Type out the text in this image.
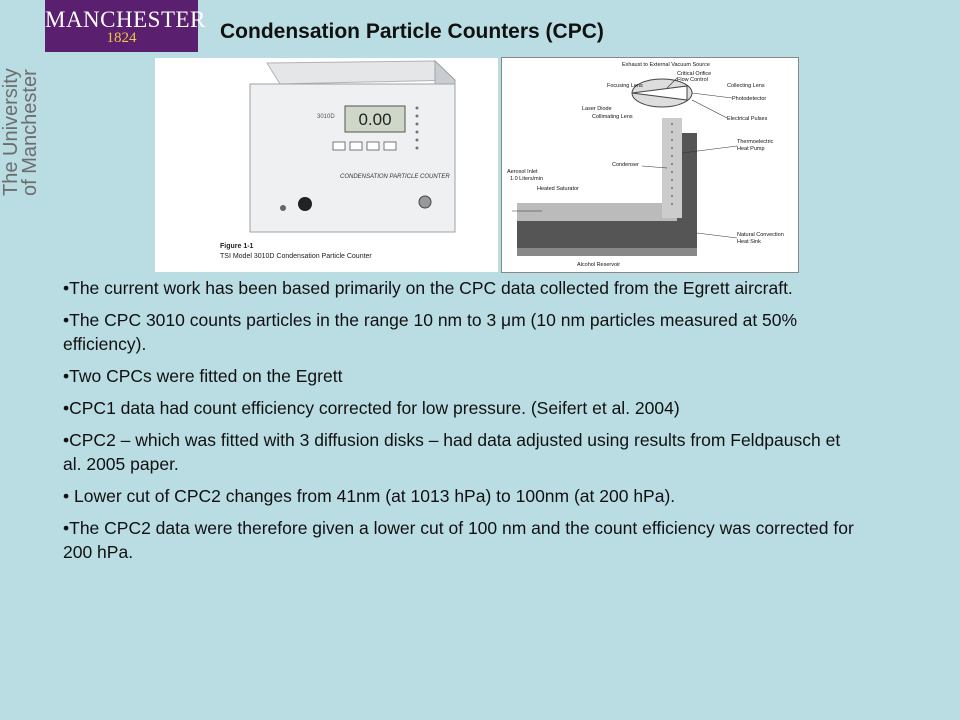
MANCHESTER
1824
The University
of Manchester
Condensation Particle Counters (CPC)
0.00
3010D
CONDENSATION PARTICLE COUNTER
Figure 1-1
TSI Model 3010D Condensation Particle Counter
Exhaust to External Vacuum Source
Critical Orifice
Flow Control
Focusing Lens	Collecting Lens
Photodetector
Laser Diode
Collimating Lens	Electrical Pulses
Thermoelectric
Heat Pump
Condenser
Aerosol Inlet
1.0 Liters/min
Heated Saturator
Natural Convection
Heat Sink
Alcohol Reservoir

•The current work has been based primarily on the CPC data collected from the Egrett aircraft.

•The CPC 3010 counts particles in the range 10 nm to 3 μm (10 nm particles measured at 50% efficiency).

•Two CPCs were fitted on the Egrett

•CPC1 data had count efficiency corrected for low pressure. (Seifert et al. 2004)

•CPC2 – which was fitted with 3 diffusion disks – had data adjusted using results from Feldpausch et al. 2005 paper.

• Lower cut of CPC2 changes from 41nm (at 1013 hPa) to 100nm (at 200 hPa).

•The CPC2 data were therefore given a lower cut of 100 nm and the count efficiency was corrected for 200 hPa.
